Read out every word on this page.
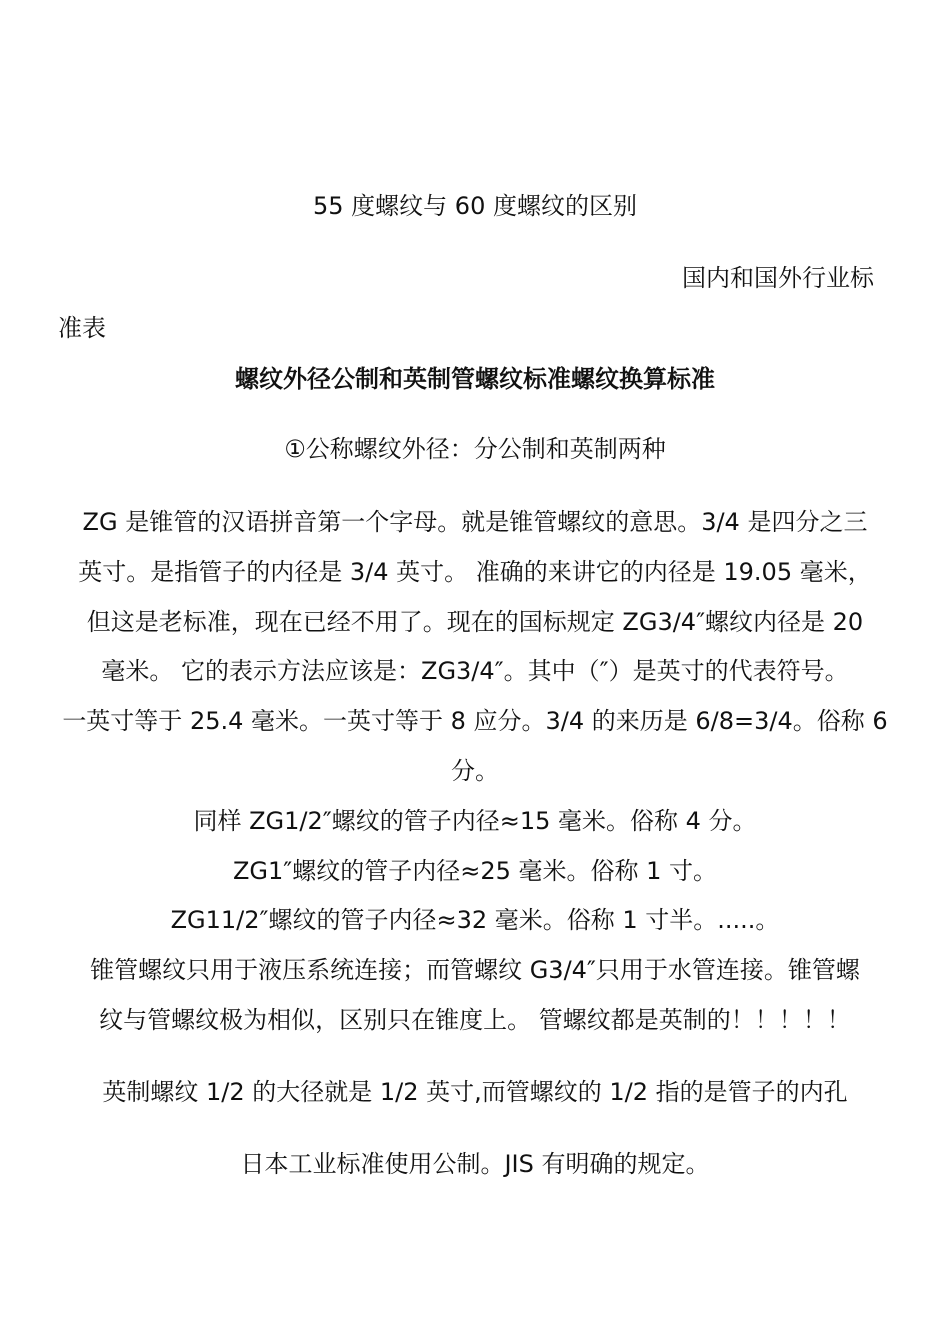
55 度螺纹与 60 度螺纹的区别
国内和国外行业标
准表
螺纹外径公制和英制管螺纹标准螺纹换算标准
①公称螺纹外径：分公制和英制两种
ZG 是锥管的汉语拼音第一个字母。就是锥管螺纹的意思。3/4 是四分之三
英寸。是指管子的内径是 3/4 英寸。 准确的来讲它的内径是 19.05 毫米，
但这是老标准，现在已经不用了。现在的国标规定 ZG3/4″螺纹内径是 20
毫米。 它的表示方法应该是：ZG3/4″。其中（″）是英寸的代表符号。
一英寸等于 25.4 毫米。一英寸等于 8 应分。3/4 的来历是 6/8=3/4。俗称 6
分。
同样 ZG1/2″螺纹的管子内径≈15 毫米。俗称 4 分。
ZG1″螺纹的管子内径≈25 毫米。俗称 1 寸。
ZG11/2″螺纹的管子内径≈32 毫米。俗称 1 寸半。.....。
锥管螺纹只用于液压系统连接；而管螺纹 G3/4″只用于水管连接。锥管螺
纹与管螺纹极为相似，区别只在锥度上。 管螺纹都是英制的！！！！！
英制螺纹 1/2 的大径就是 1/2 英寸,而管螺纹的 1/2 指的是管子的内孔
日本工业标准使用公制。JIS 有明确的规定。
